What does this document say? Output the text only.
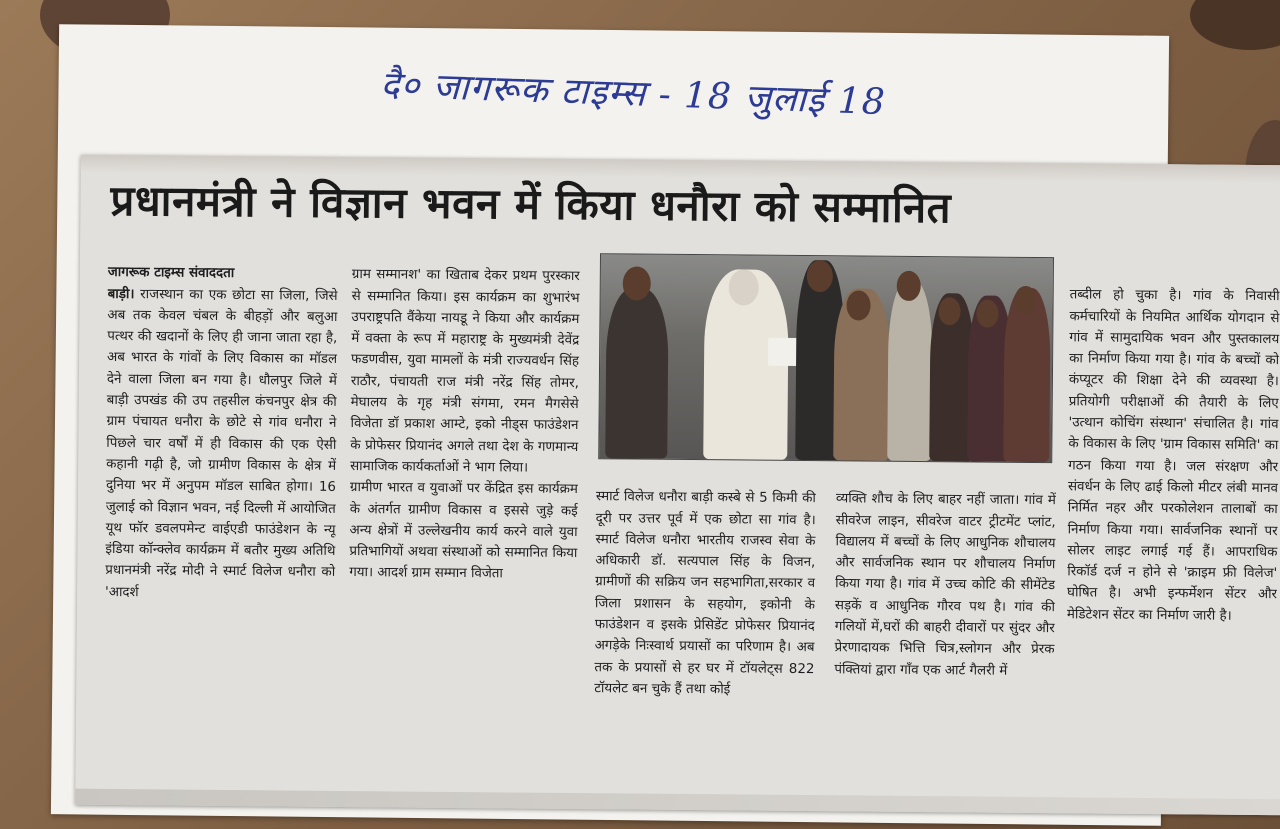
दै० जागरूक टाइम्स - 18 जुलाई 18
प्रधानमंत्री ने विज्ञान भवन में किया धनौरा को सम्मानित

जागरूक टाइम्स संवाददता
बाड़ी। राजस्थान का एक छोटा सा जिला, जिसे अब तक केवल चंबल के बीहड़ों और बलुआ पत्थर की खदानों के लिए ही जाना जाता रहा है, अब भारत के गांवों के लिए विकास का मॉडल देने वाला जिला बन गया है। धौलपुर जिले में बाड़ी उपखंड की उप तहसील कंचनपुर क्षेत्र की ग्राम पंचायत धनौरा के छोटे से गांव धनौरा ने पिछले चार वर्षों में ही विकास की एक ऐसी कहानी गढ़ी है, जो ग्रामीण विकास के क्षेत्र में दुनिया भर में अनुपम मॉडल साबित होगा। 16 जुलाई को विज्ञान भवन, नई दिल्ली में आयोजित यूथ फॉर डवलपमेन्ट वाईएडी फाउंडेशन के न्यू इंडिया कॉन्क्लेव कार्यक्रम में बतौर मुख्य अतिथि प्रधानमंत्री नरेंद्र मोदी ने स्मार्ट विलेज धनौरा को 'आदर्श

ग्राम सम्मानश' का खिताब देकर प्रथम पुरस्कार से सम्मानित किया। इस कार्यक्रम का शुभारंभ उपराष्ट्रपति वैंकेया नायडू ने किया और कार्यक्रम में वक्ता के रूप में महाराष्ट्र के मुख्यमंत्री देवेंद्र फडणवीस, युवा मामलों के मंत्री राज्यवर्धन सिंह राठौर, पंचायती राज मंत्री नरेंद्र सिंह तोमर, मेघालय के गृह मंत्री संगमा, रमन मैगसेसे विजेता डॉ प्रकाश आम्टे, इको नीड्स फाउंडेशन के प्रोफेसर प्रियानंद अगले तथा देश के गणमान्य सामाजिक कार्यकर्ताओं ने भाग लिया।
ग्रामीण भारत व युवाओं पर केंद्रित इस कार्यक्रम के अंतर्गत ग्रामीण विकास व इससे जुड़े कई अन्य क्षेत्रों में उल्लेखनीय कार्य करने वाले युवा प्रतिभागियों अथवा संस्थाओं को सम्मानित किया गया। आदर्श ग्राम सम्मान विजेता

स्मार्ट विलेज धनौरा बाड़ी कस्बे से 5 किमी की दूरी पर उत्तर पूर्व में एक छोटा सा गांव है। स्मार्ट विलेज धनौरा भारतीय राजस्व सेवा के अधिकारी डॉ. सत्यपाल सिंह के विजन, ग्रामीणों की सक्रिय जन सहभागिता,सरकार व जिला प्रशासन के सहयोग, इकोनी के फाउंडेशन व इसके प्रेसिडेंट प्रोफेसर प्रियानंद अगड़ेके निःस्वार्थ प्रयासों का परिणाम है। अब तक के प्रयासों से हर घर में टॉयलेट्स 822 टॉयलेट बन चुके हैं तथा कोई

व्यक्ति शौच के लिए बाहर नहीं जाता। गांव में सीवरेज लाइन, सीवरेज वाटर ट्रीटमेंट प्लांट, विद्यालय में बच्चों के लिए आधुनिक शौचालय और सार्वजनिक स्थान पर शौचालय निर्माण किया गया है। गांव में उच्च कोटि की सीमेंटेड सड़कें व आधुनिक गौरव पथ है। गांव की गलियों में,घरों की बाहरी दीवारों पर सुंदर और प्रेरणादायक भित्ति चित्र,स्लोगन और प्रेरक पंक्तियां द्वारा गाँव एक आर्ट गैलरी में

तब्दील हो चुका है। गांव के निवासी कर्मचारियों के नियमित आर्थिक योगदान से गांव में सामुदायिक भवन और पुस्तकालय का निर्माण किया गया है। गांव के बच्चों को कंप्यूटर की शिक्षा देने की व्यवस्था है। प्रतियोगी परीक्षाओं की तैयारी के लिए 'उत्थान कोचिंग संस्थान' संचालित है। गांव के विकास के लिए 'ग्राम विकास समिति' का गठन किया गया है। जल संरक्षण और संवर्धन के लिए ढाई किलो मीटर लंबी मानव निर्मित नहर और परकोलेशन तालाबों का निर्माण किया गया। सार्वजनिक स्थानों पर सोलर लाइट लगाई गई हैं। आपराधिक रिकॉर्ड दर्ज न होने से 'क्राइम फ्री विलेज' घोषित है। अभी इन्फर्मेशन सेंटर और मेडिटेशन सेंटर का निर्माण जारी है।
